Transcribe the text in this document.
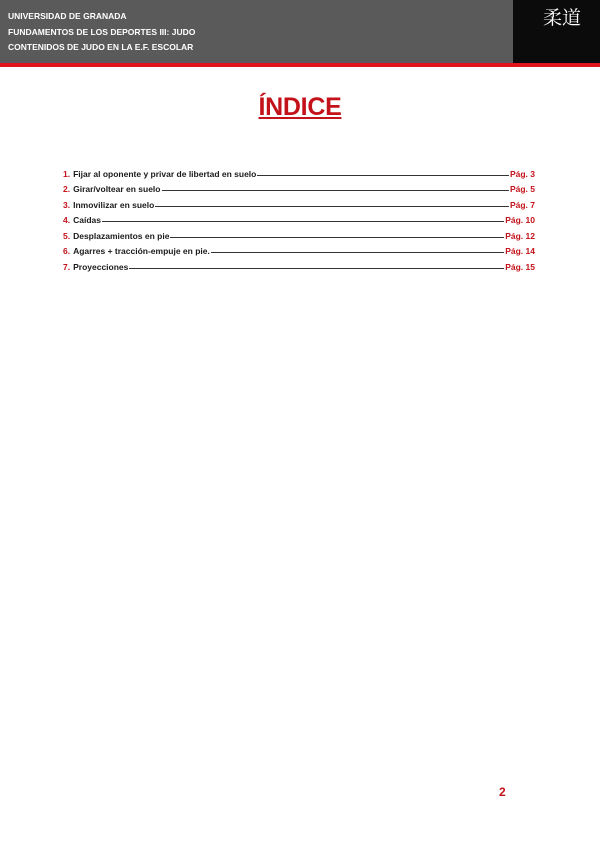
UNIVERSIDAD DE GRANADA
FUNDAMENTOS DE LOS DEPORTES III: JUDO
CONTENIDOS DE JUDO EN LA E.F. ESCOLAR
柔道
ÍNDICE
1. Fijar al oponente y privar de libertad en suelo	Pág. 3
2. Girar/voltear en suelo	Pág. 5
3. Inmovilizar en suelo	Pág. 7
4. Caídas	Pág. 10
5. Desplazamientos en pie	Pág. 12
6. Agarres + tracción-empuje en pie.	Pág. 14
7. Proyecciones	Pág. 15
2
